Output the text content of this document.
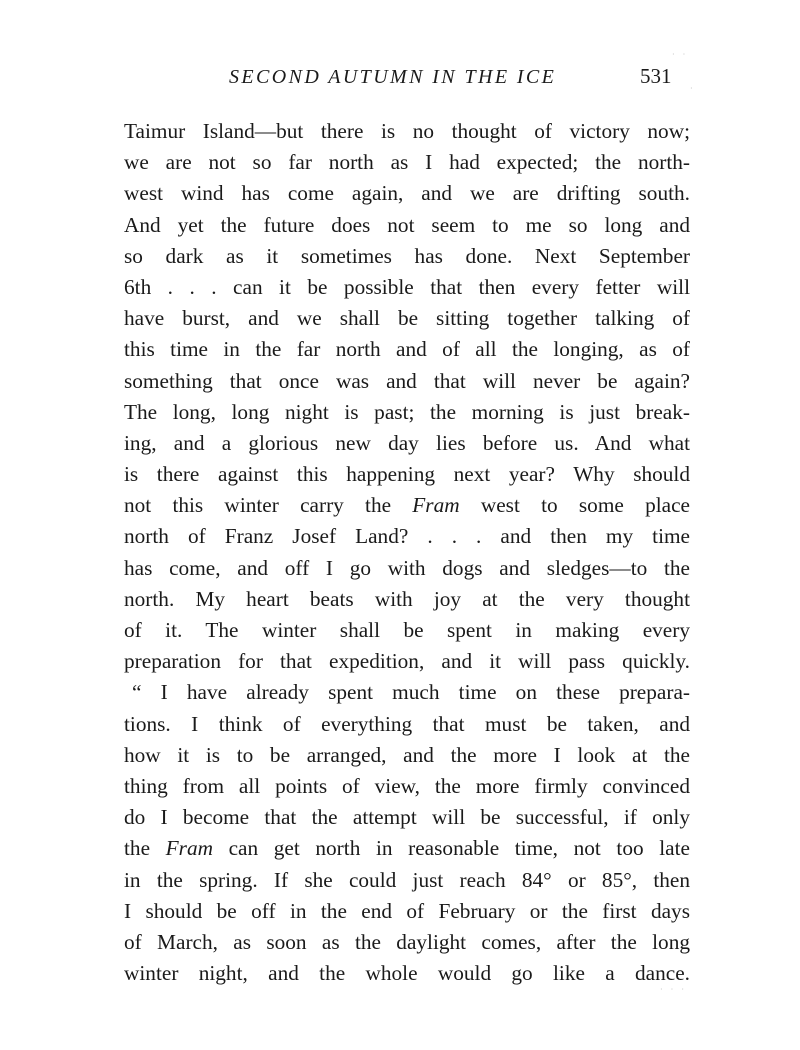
SECOND AUTUMN IN THE ICE	531
· ·
·
· · ·
Taimur Island—but there is no thought of victory now;
we are not so far north as I had expected; the north-
west wind has come again, and we are drifting south.
And yet the future does not seem to me so long and
so dark as it sometimes has done. Next September
6th . . . can it be possible that then every fetter will
have burst, and we shall be sitting together talking of
this time in the far north and of all the longing, as of
something that once was and that will never be again?
The long, long night is past; the morning is just break-
ing, and a glorious new day lies before us. And what
is there against this happening next year? Why should
not this winter carry the Fram west to some place
north of Franz Josef Land? . . . and then my time
has come, and off I go with dogs and sledges—to the
north. My heart beats with joy at the very thought
of it. The winter shall be spent in making every
preparation for that expedition, and it will pass quickly.
“ I have already spent much time on these prepara-
tions. I think of everything that must be taken, and
how it is to be arranged, and the more I look at the
thing from all points of view, the more firmly convinced
do I become that the attempt will be successful, if only
the Fram can get north in reasonable time, not too late
in the spring. If she could just reach 84° or 85°, then
I should be off in the end of February or the first days
of March, as soon as the daylight comes, after the long
winter night, and the whole would go like a dance.
